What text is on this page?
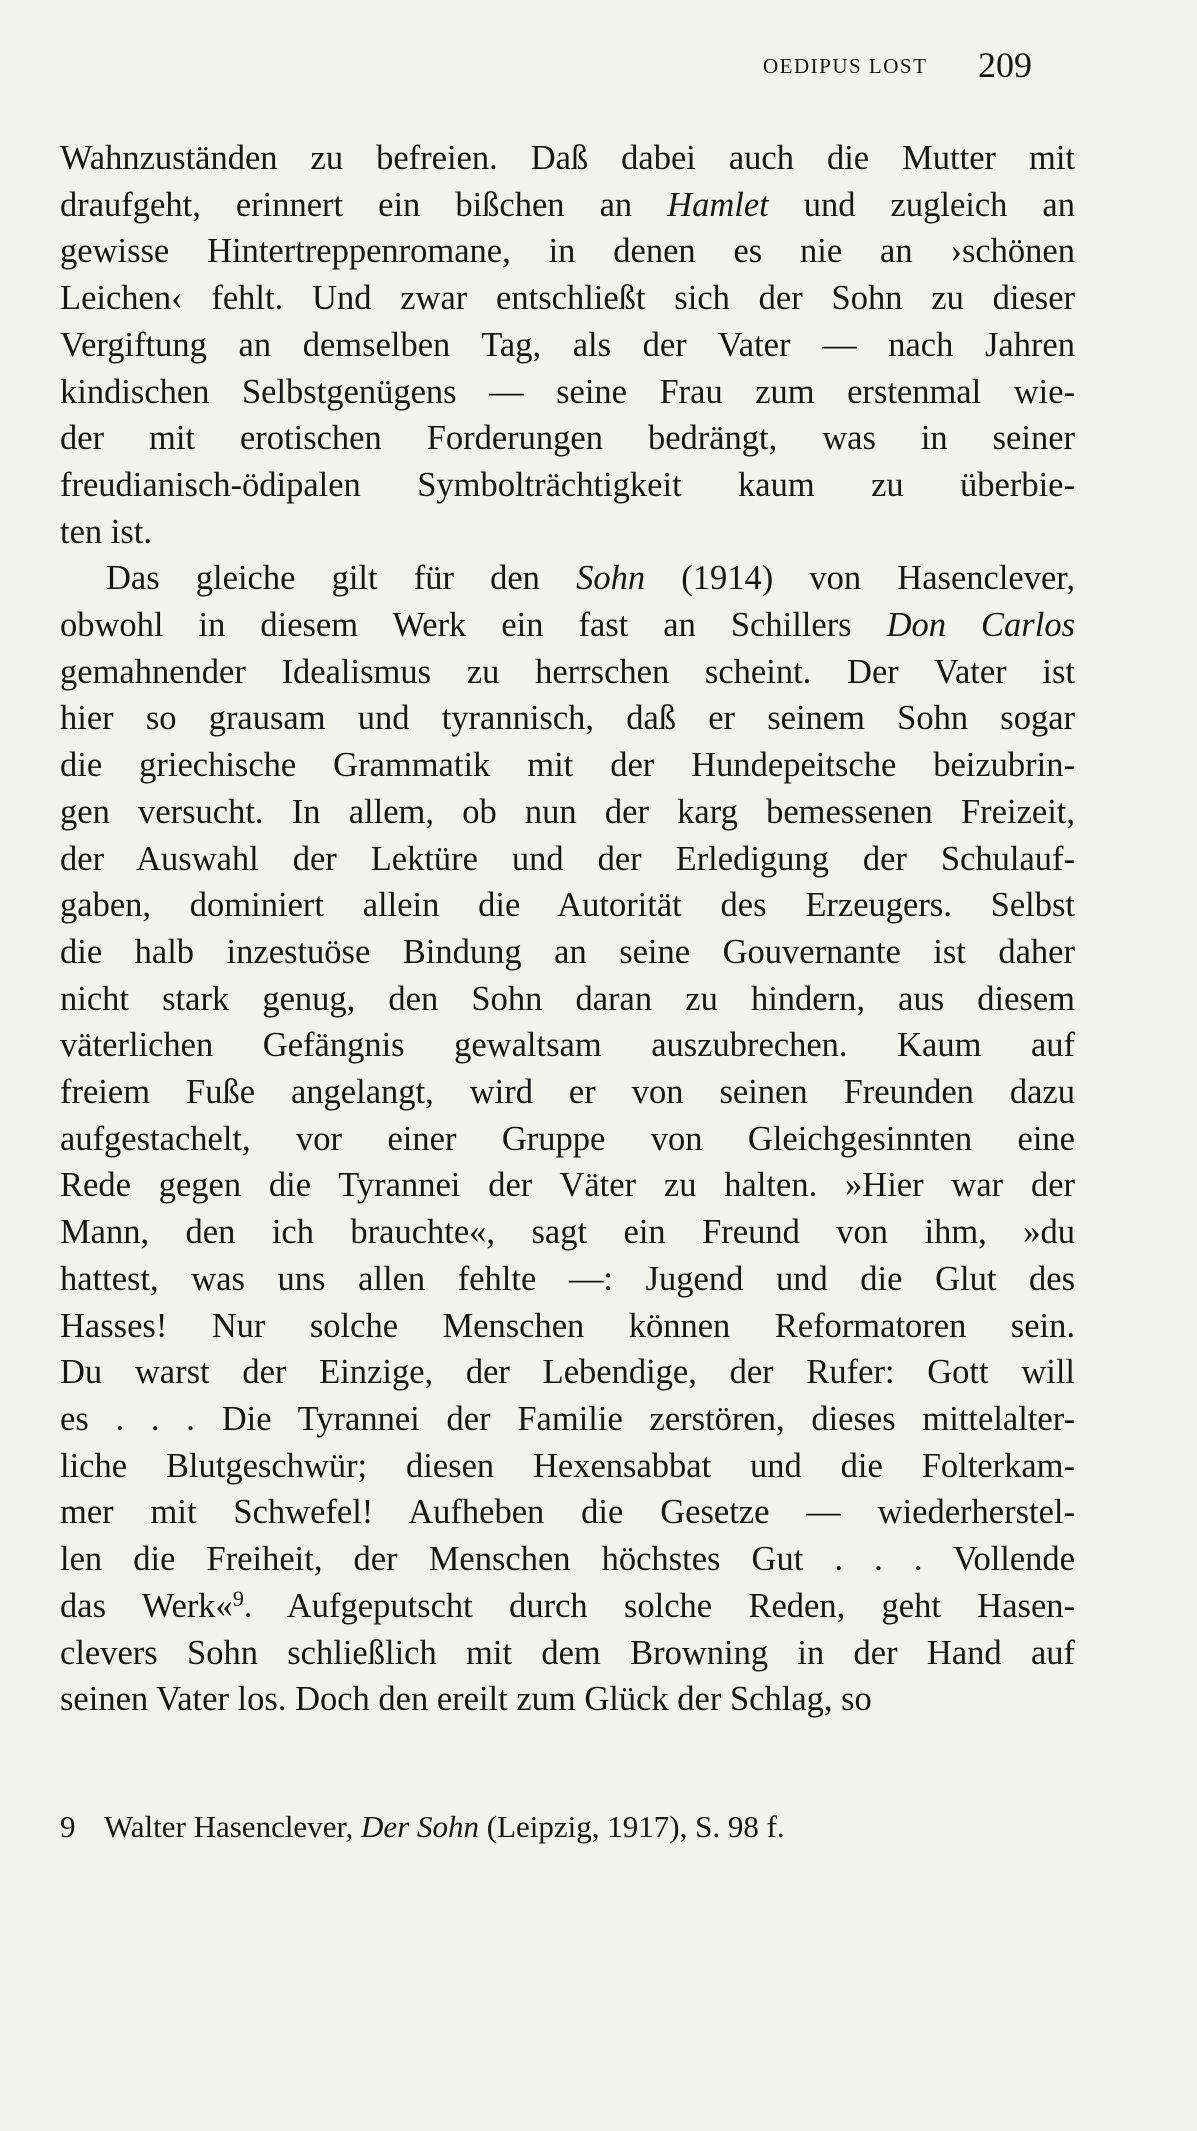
OEDIPUS LOST 209
Wahnzuständen zu befreien. Daß dabei auch die Mutter mit
draufgeht, erinnert ein bißchen an Hamlet und zugleich an
gewisse Hintertreppenromane, in denen es nie an ›schönen
Leichen‹ fehlt. Und zwar entschließt sich der Sohn zu dieser
Vergiftung an demselben Tag, als der Vater — nach Jahren
kindischen Selbstgenügens — seine Frau zum erstenmal wie-
der mit erotischen Forderungen bedrängt, was in seiner
freudianisch-ödipalen Symbolträchtigkeit kaum zu überbie-
ten ist.
Das gleiche gilt für den Sohn (1914) von Hasenclever,
obwohl in diesem Werk ein fast an Schillers Don Carlos
gemahnender Idealismus zu herrschen scheint. Der Vater ist
hier so grausam und tyrannisch, daß er seinem Sohn sogar
die griechische Grammatik mit der Hundepeitsche beizubrin-
gen versucht. In allem, ob nun der karg bemessenen Freizeit,
der Auswahl der Lektüre und der Erledigung der Schulauf-
gaben, dominiert allein die Autorität des Erzeugers. Selbst
die halb inzestuöse Bindung an seine Gouvernante ist daher
nicht stark genug, den Sohn daran zu hindern, aus diesem
väterlichen Gefängnis gewaltsam auszubrechen. Kaum auf
freiem Fuße angelangt, wird er von seinen Freunden dazu
aufgestachelt, vor einer Gruppe von Gleichgesinnten eine
Rede gegen die Tyrannei der Väter zu halten. »Hier war der
Mann, den ich brauchte«, sagt ein Freund von ihm, »du
hattest, was uns allen fehlte —: Jugend und die Glut des
Hasses! Nur solche Menschen können Reformatoren sein.
Du warst der Einzige, der Lebendige, der Rufer: Gott will
es . . . Die Tyrannei der Familie zerstören, dieses mittelalter-
liche Blutgeschwür; diesen Hexensabbat und die Folterkam-
mer mit Schwefel! Aufheben die Gesetze — wiederherstel-
len die Freiheit, der Menschen höchstes Gut . . . Vollende
das Werk«$^9$. Aufgeputscht durch solche Reden, geht Hasen-
clevers Sohn schließlich mit dem Browning in der Hand auf
seinen Vater los. Doch den ereilt zum Glück der Schlag, so
9 Walter Hasenclever, Der Sohn (Leipzig, 1917), S. 98 f.
